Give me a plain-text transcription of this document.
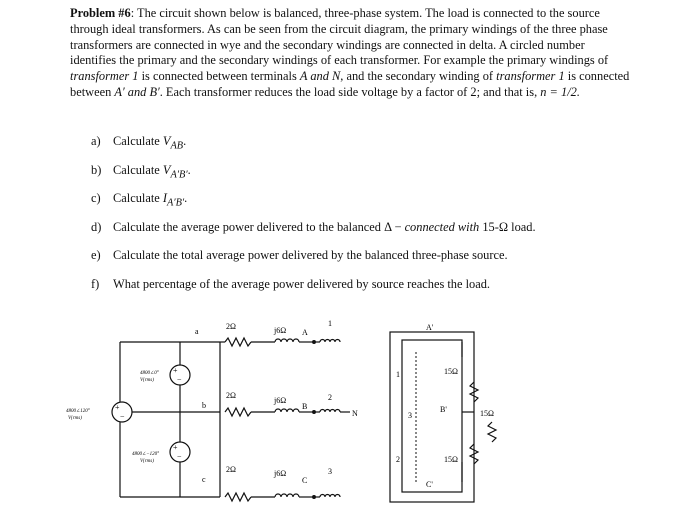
Problem #6: The circuit shown below is balanced, three-phase system. The load is connected to the source through ideal transformers. As can be seen from the circuit diagram, the primary windings of the three phase transformers are connected in wye and the secondary windings are connected in delta. A circled number identifies the primary and the secondary windings of each transformer. For example the primary windings of transformer 1 is connected between terminals A and N, and the secondary winding of transformer 1 is connected between A′ and B′. Each transformer reduces the load side voltage by a factor of 2; and that is, n = 1/2.

a) Calculate $V_{AB}$.
b) Calculate $V_{A'B'}$.
c) Calculate $I_{A'B'}$.
d) Calculate the average power delivered to the balanced Δ − connected with 15-Ω load.
e) Calculate the total average power delivered by the balanced three-phase source.
f) What percentage of the average power delivered by source reaches the load.
+
−
+
−
+
−
4800∠0°
V(rms)
4800∠120°
V(rms)
4800∠−120°
V(rms)
a
2Ω	j6Ω A
1
b
2Ω
j6Ω
B
2
N
c
2Ω	j6Ω
C
3
A'
B'
C'
1
2
3
15Ω
15Ω
15Ω
